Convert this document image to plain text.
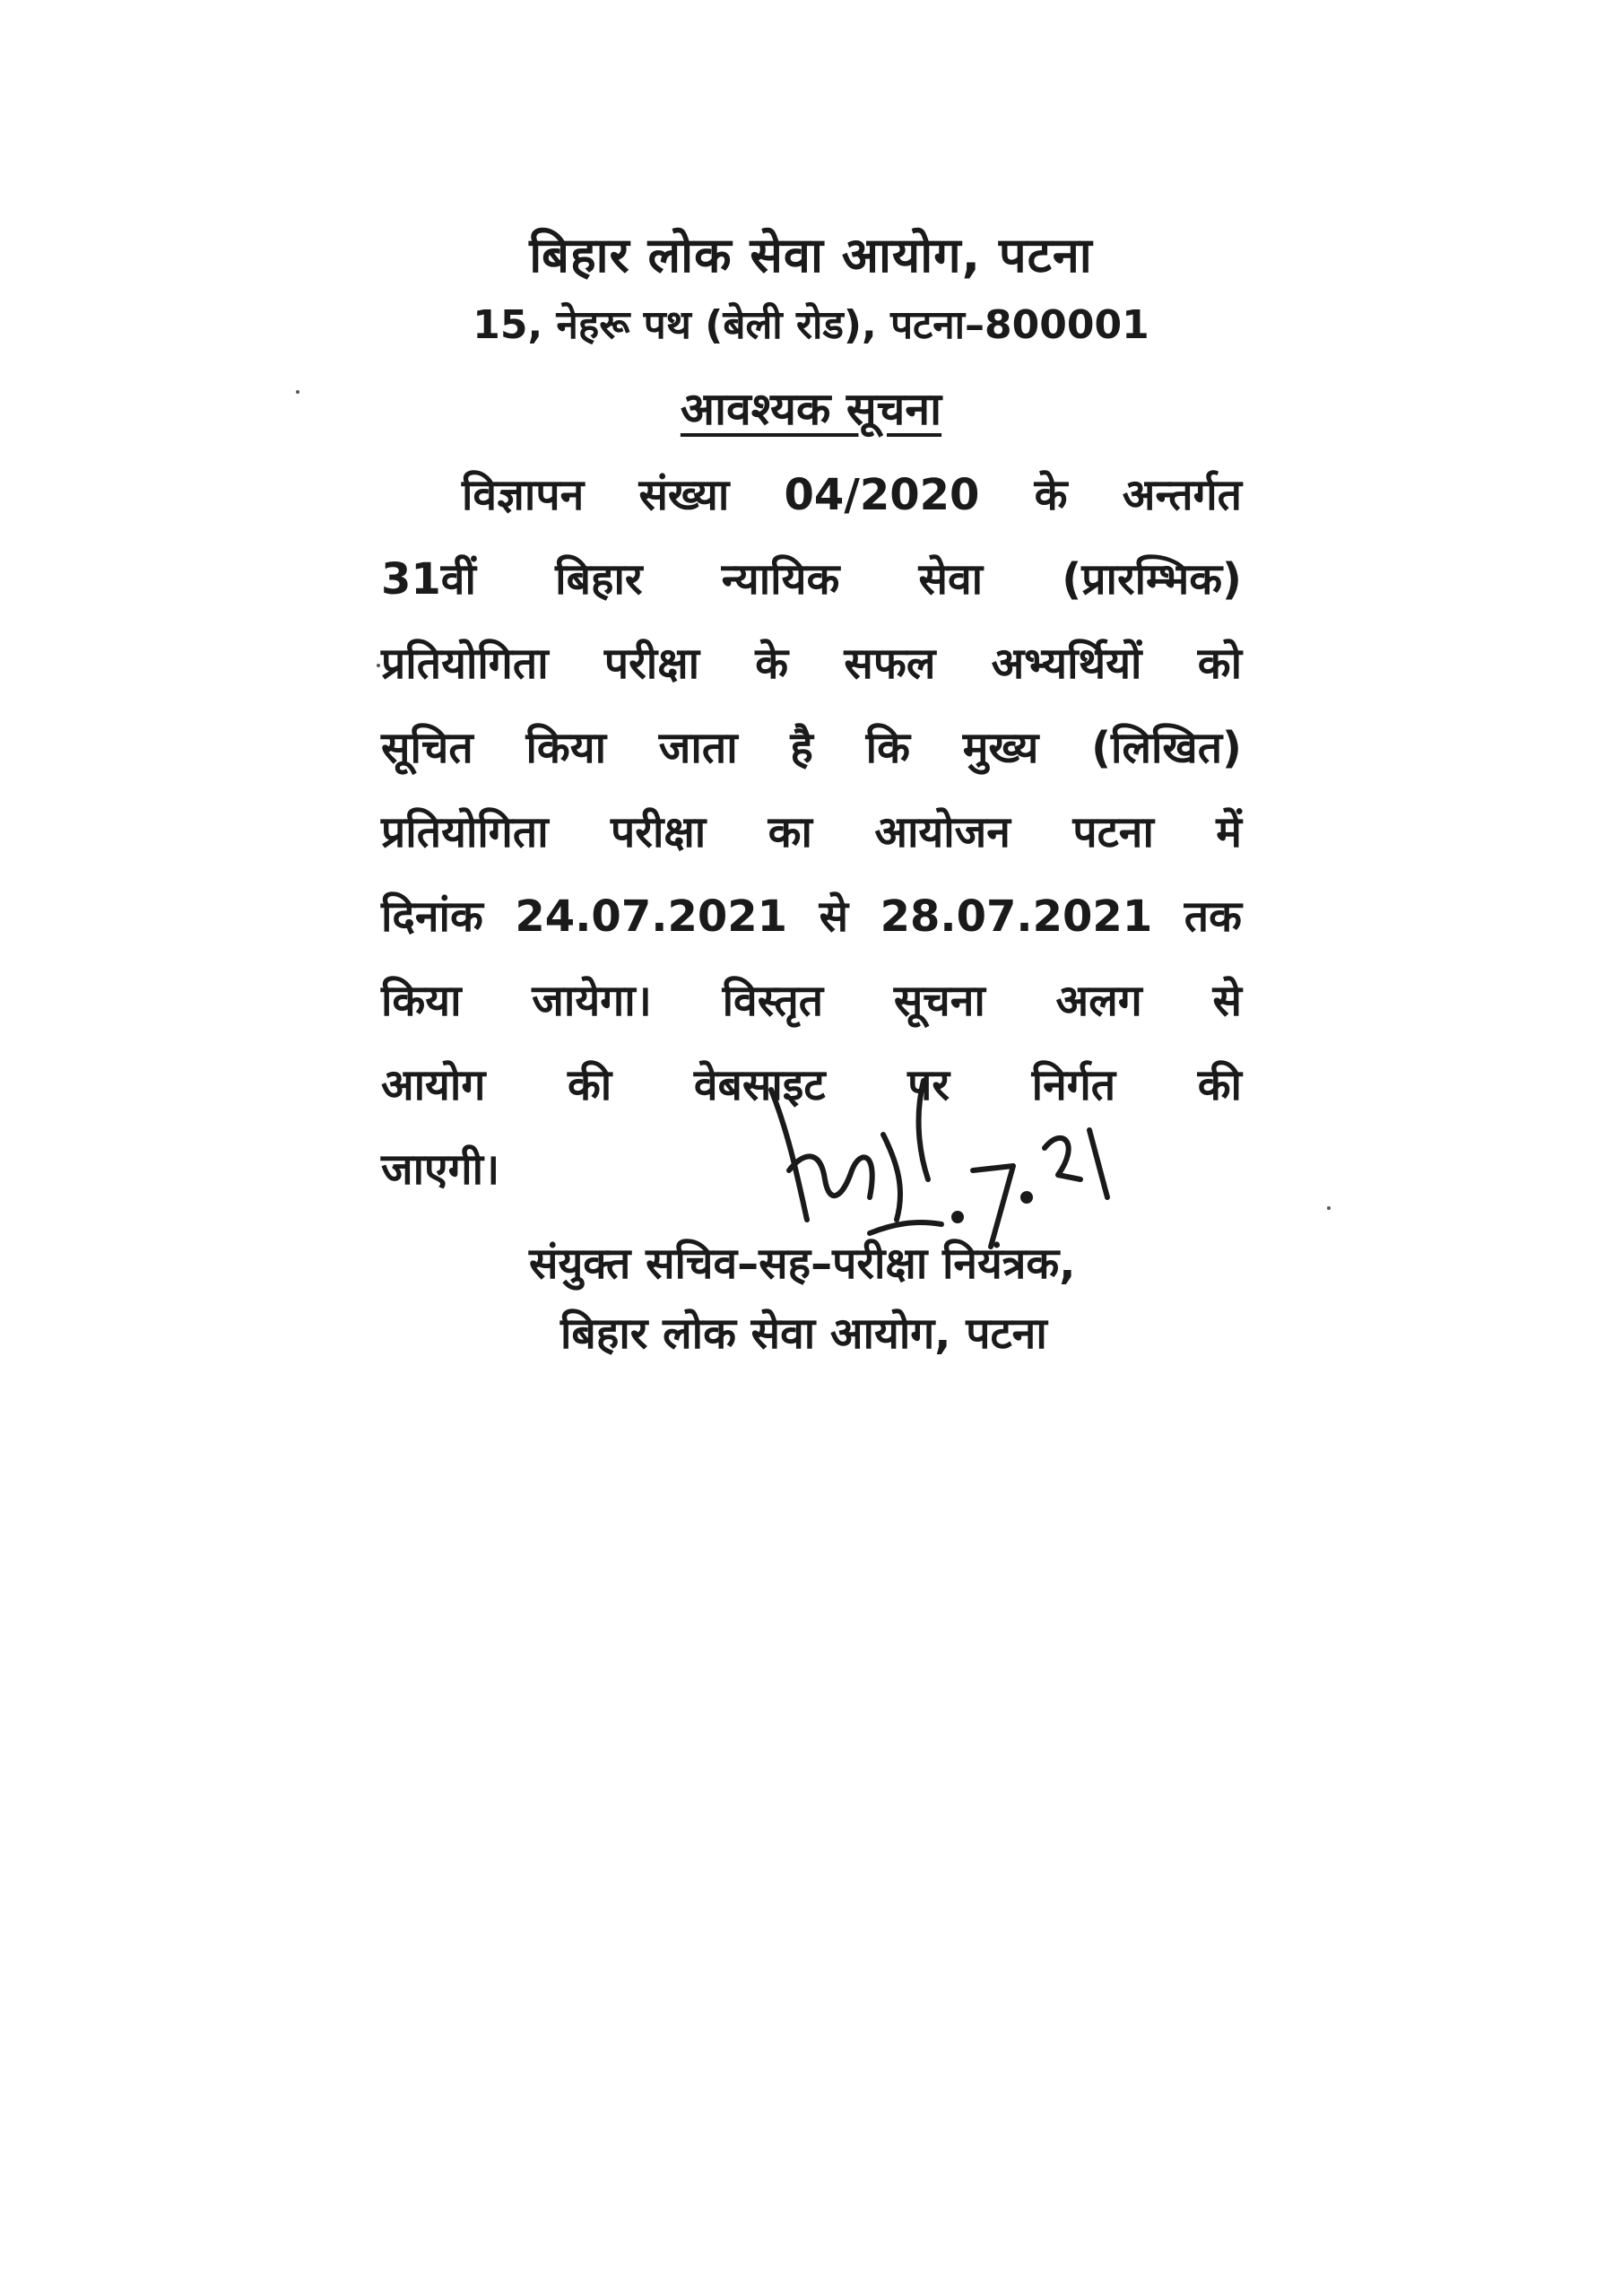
बिहार लोक सेवा आयोग, पटना
15, नेहरू पथ (बेली रोड), पटना–800001
आवश्यक सूचना
विज्ञापन संख्या 04/2020 के अन्तर्गत
31वीं बिहार न्यायिक सेवा (प्रारम्भिक)
प्रतियोगिता परीक्षा के सफल अभ्यर्थियों को
सूचित किया जाता है कि मुख्य (लिखित)
प्रतियोगिता परीक्षा का आयोजन पटना में
दिनांक 24.07.2021 से 28.07.2021 तक
किया जायेगा। विस्तृत सूचना अलग से
आयोग की वेबसाइट पर निर्गत की
जाएगी।
संयुक्त सचिव–सह–परीक्षा नियंत्रक,
बिहार लोक सेवा आयोग, पटना
